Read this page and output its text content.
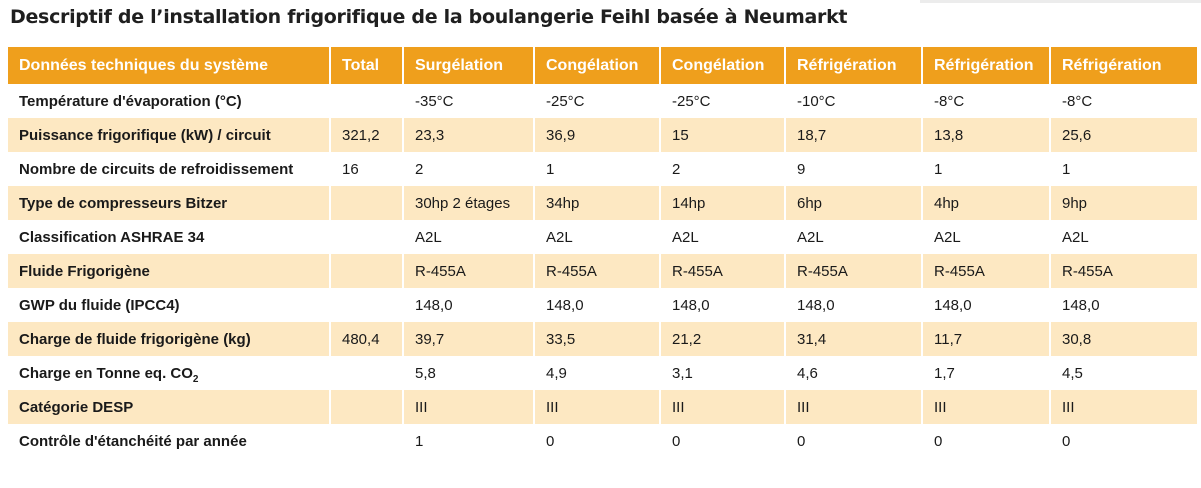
Descriptif de l’installation frigorifique de la boulangerie Feihl basée à Neumarkt
Données techniques du système	Total	Surgélation	Congélation	Congélation	Réfrigération	Réfrigération	Réfrigération
Température d'évaporation (°C)		-35°C	-25°C	-25°C	-10°C	-8°C	-8°C
Puissance frigorifique (kW) / circuit	321,2	23,3	36,9	15	18,7	13,8	25,6
Nombre de circuits de refroidissement	16	2	1	2	9	1	1
Type de compresseurs Bitzer		30hp 2 étages	34hp	14hp	6hp	4hp	9hp
Classification ASHRAE 34		A2L	A2L	A2L	A2L	A2L	A2L
Fluide Frigorigène		R-455A	R-455A	R-455A	R-455A	R-455A	R-455A
GWP du fluide (IPCC4)		148,0	148,0	148,0	148,0	148,0	148,0
Charge de fluide frigorigène (kg)	480,4	39,7	33,5	21,2	31,4	11,7	30,8
Charge en Tonne eq. $CO_2$		5,8	4,9	3,1	4,6	1,7	4,5
Catégorie DESP		III	III	III	III	III	III
Contrôle d'étanchéité par année		1	0	0	0	0	0
